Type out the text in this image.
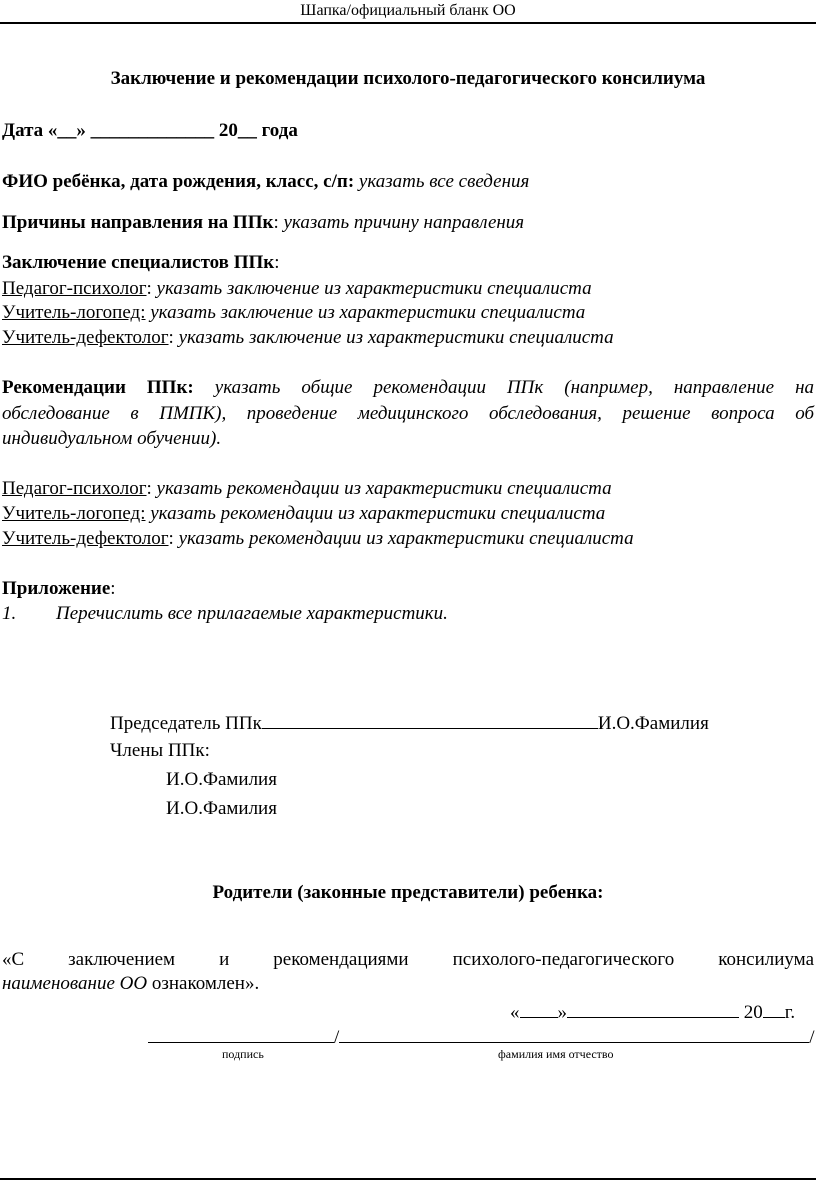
Шапка/официальный бланк ОО
Заключение и рекомендации психолого-педагогического консилиума
Дата «__» _____________ 20__ года
ФИО ребёнка, дата рождения, класс, с/п: указать все сведения
Причины направления на ППк: указать причину направления
Заключение специалистов ППк:
Педагог-психолог: указать заключение из характеристики специалиста
Учитель-логопед: указать заключение из характеристики специалиста
Учитель-дефектолог: указать заключение из характеристики специалиста
Рекомендации ППк: указать общие рекомендации ППк (например, направление на
обследование в ПМПК), проведение медицинского обследования, решение вопроса об
индивидуальном обучении).
Педагог-психолог: указать рекомендации из характеристики специалиста
Учитель-логопед: указать рекомендации из характеристики специалиста
Учитель-дефектолог: указать рекомендации из характеристики специалиста
Приложение:
1. Перечислить все прилагаемые характеристики.
Председатель ППк	И.О.Фамилия
Члены ППк:
И.О.Фамилия
И.О.Фамилия
Родители (законные представители) ребенка:
«С заключением и рекомендациями психолого-педагогического консилиума
наименование ОО ознакомлен».
« »	20 г.
/	/
подпись	фамилия имя отчество
